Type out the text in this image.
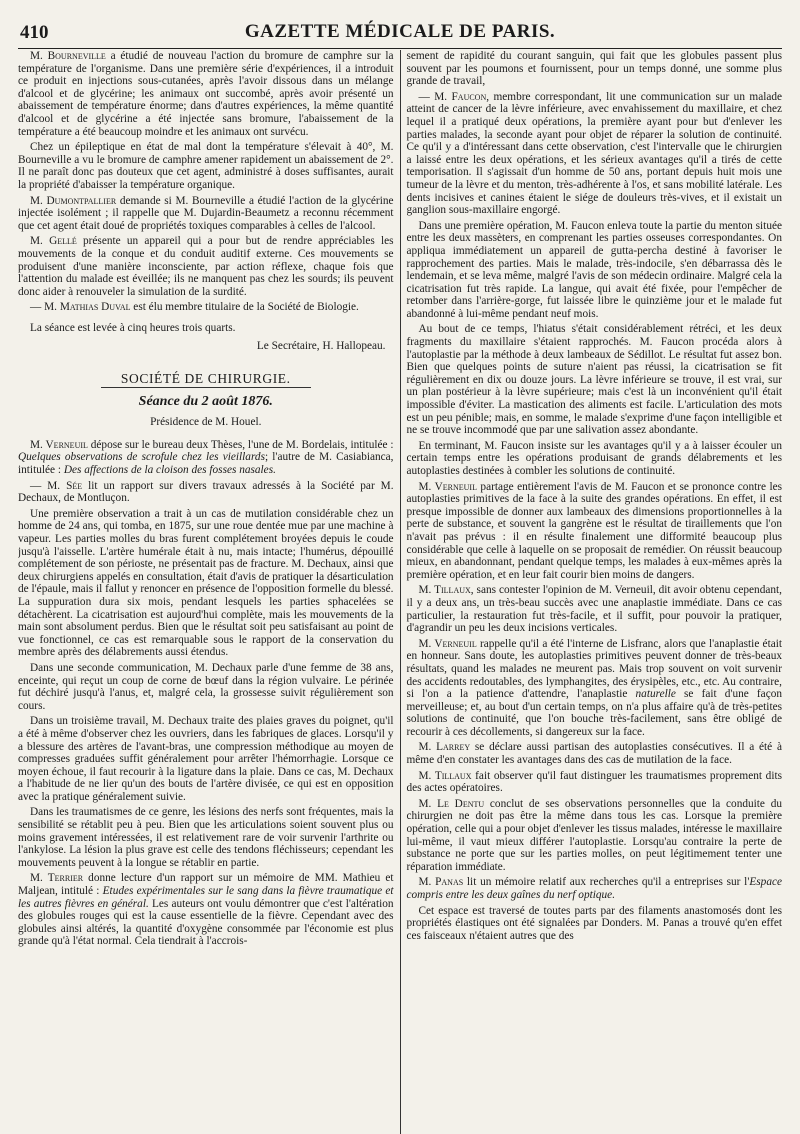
410	GAZETTE MÉDICALE DE PARIS.

M. Bourneville a étudié de nouveau l'action du bromure de camphre sur la température de l'organisme. Dans une première série d'expériences, il a introduit ce produit en injections sous-cutanées, après l'avoir dissous dans un mélange d'alcool et de glycérine; les animaux ont succombé, après avoir présenté un abaissement de température énorme; dans d'autres expériences, la même quantité d'alcool et de glycérine a été injectée sans bromure, l'abaissement de la température a été beaucoup moindre et les animaux ont survécu.

Chez un épileptique en état de mal dont la température s'élevait à 40°, M. Bourneville a vu le bromure de camphre amener rapidement un abaissement de 2°. Il ne paraît donc pas douteux que cet agent, administré à doses suffisantes, aurait la propriété d'abaisser la température organique.

M. Dumontpallier demande si M. Bourneville a étudié l'action de la glycérine injectée isolément ; il rappelle que M. Dujardin-Beaumetz a reconnu récemment que cet agent était doué de propriétés toxiques comparables à celles de l'alcool.

M. Gellé présente un appareil qui a pour but de rendre appréciables les mouvements de la conque et du conduit auditif externe. Ces mouvements se produisent d'une manière inconsciente, par action réflexe, chaque fois que l'attention du malade est éveillée; ils ne manquent pas chez les sourds; ils peuvent donc aider à renouveler la simulation de la surdité.

— M. Mathias Duval est élu membre titulaire de la Société de Biologie.

La séance est levée à cinq heures trois quarts.

Le Secrétaire, H. Hallopeau.

SOCIÉTÉ DE CHIRURGIE.
Séance du 2 août 1876.
Présidence de M. Houel.

M. Verneuil dépose sur le bureau deux Thèses, l'une de M. Bordelais, intitulée : Quelques observations de scrofule chez les vieillards; l'autre de M. Casiabianca, intitulée : Des affections de la cloison des fosses nasales.

— M. Sée lit un rapport sur divers travaux adressés à la Société par M. Dechaux, de Montluçon.

Une première observation a trait à un cas de mutilation considérable chez un homme de 24 ans, qui tomba, en 1875, sur une roue dentée mue par une machine à vapeur. Les parties molles du bras furent complétement broyées depuis le coude jusqu'à l'aisselle. L'artère humérale était à nu, mais intacte; l'humérus, dépouillé complétement de son périoste, ne présentait pas de fracture. M. Dechaux, ainsi que deux chirurgiens appelés en consultation, était d'avis de pratiquer la désarticulation de l'épaule, mais il fallut y renoncer en présence de l'opposition formelle du blessé. La suppuration dura six mois, pendant lesquels les parties sphacelées se détachèrent. La cicatrisation est aujourd'hui complète, mais les mouvements de la main sont absolument perdus. Bien que le résultat soit peu satisfaisant au point de vue fonctionnel, ce cas est remarquable sous le rapport de la conservation du membre après des délabrements aussi étendus.

Dans une seconde communication, M. Dechaux parle d'une femme de 38 ans, enceinte, qui reçut un coup de corne de bœuf dans la région vulvaire. Le périnée fut déchiré jusqu'à l'anus, et, malgré cela, la grossesse suivit régulièrement son cours.

Dans un troisième travail, M. Dechaux traite des plaies graves du poignet, qu'il a été à même d'observer chez les ouvriers, dans les fabriques de glaces. Lorsqu'il y a blessure des artères de l'avant-bras, une compression méthodique au moyen de compresses graduées suffit généralement pour arrêter l'hémorrhagie. Lorsque ce moyen échoue, il faut recourir à la ligature dans la plaie. Dans ce cas, M. Dechaux a l'habitude de ne lier qu'un des bouts de l'artère divisée, ce qui est en opposition avec la pratique généralement suivie.

Dans les traumatismes de ce genre, les lésions des nerfs sont fréquentes, mais la sensibilité se rétablit peu à peu. Bien que les articulations soient souvent plus ou moins gravement intéressées, il est relativement rare de voir survenir l'arthrite ou l'ankylose. La lésion la plus grave est celle des tendons fléchisseurs; cependant les mouvements peuvent à la longue se rétablir en partie.

M. Terrier donne lecture d'un rapport sur un mémoire de MM. Mathieu et Maljean, intitulé : Etudes expérimentales sur le sang dans la fièvre traumatique et les autres fièvres en général. Les auteurs ont voulu démontrer que c'est l'altération des globules rouges qui est la cause essentielle de la fièvre. Cependant avec des globules ainsi altérés, la quantité d'oxygène consommée par l'économie est plus grande qu'à l'état normal. Cela tiendrait à l'accrois-

sement de rapidité du courant sanguin, qui fait que les globules passent plus souvent par les poumons et fournissent, pour un temps donné, une somme plus grande de travail,

— M. Faucon, membre correspondant, lit une communication sur un malade atteint de cancer de la lèvre inférieure, avec envahissement du maxillaire, et chez lequel il a pratiqué deux opérations, la première ayant pour but d'enlever les parties malades, la seconde ayant pour objet de réparer la solution de continuité. Ce qu'il y a d'intéressant dans cette observation, c'est l'intervalle que le chirurgien a laissé entre les deux opérations, et les sérieux avantages qu'il a tirés de cette temporisation. Il s'agissait d'un homme de 50 ans, portant depuis huit mois une tumeur de la lèvre et du menton, très-adhérente à l'os, et sans mobilité latérale. Les dents incisives et canines étaient le siége de douleurs très-vives, et il existait un ganglion sous-maxillaire engorgé.

Dans une première opération, M. Faucon enleva toute la partie du menton située entre les deux massèters, en comprenant les parties osseuses correspondantes. On appliqua immédiatement un appareil de gutta-percha destiné à favoriser le rapprochement des parties. Mais le malade, très-indocile, s'en débarrassa dès le lendemain, et se leva même, malgré l'avis de son médecin ordinaire. Malgré cela la cicatrisation fut très rapide. La langue, qui avait été fixée, pour l'empêcher de retomber dans l'arrière-gorge, fut laissée libre le quinzième jour et le malade fut abandonné à lui-même pendant neuf mois.

Au bout de ce temps, l'hiatus s'était considérablement rétréci, et les deux fragments du maxillaire s'étaient rapprochés. M. Faucon procéda alors à l'autoplastie par la méthode à deux lambeaux de Sédillot. Le résultat fut assez bon. Bien que quelques points de suture n'aient pas réussi, la cicatrisation se fit régulièrement en dix ou douze jours. La lèvre inférieure se trouve, il est vrai, sur un plan postérieur à la lèvre supérieure; mais c'est là un inconvénient qu'il était impossible d'éviter. La mastication des aliments est facile. L'articulation des mots est un peu pénible; mais, en somme, le malade s'exprime d'une façon intelligible et ne se trouve incommodé que par une salivation assez abondante.

En terminant, M. Faucon insiste sur les avantages qu'il y a à laisser écouler un certain temps entre les opérations produisant de grands délabrements et les autoplasties destinées à combler les solutions de continuité.

M. Verneuil partage entièrement l'avis de M. Faucon et se prononce contre les autoplasties primitives de la face à la suite des grandes opérations. En effet, il est presque impossible de donner aux lambeaux des dimensions proportionnelles à la perte de substance, et souvent la gangrène est le résultat de tiraillements que l'on n'avait pas prévus : il en résulte finalement une difformité beaucoup plus considérable que celle à laquelle on se proposait de remédier. On réussit beaucoup mieux, en abandonnant, pendant quelque temps, les malades à eux-mêmes après la première opération, et en leur fait courir bien moins de dangers.

M. Tillaux, sans contester l'opinion de M. Verneuil, dit avoir obtenu cependant, il y a deux ans, un très-beau succès avec une anaplastie immédiate. Dans ce cas particulier, la restauration fut très-facile, et il suffit, pour pouvoir la pratiquer, d'agrandir un peu les deux incisions verticales.

M. Verneuil rappelle qu'il a été l'interne de Lisfranc, alors que l'anaplastie était en honneur. Sans doute, les autoplasties primitives peuvent donner de très-beaux résultats, quand les malades ne meurent pas. Mais trop souvent on voit survenir des accidents redoutables, des lymphangites, des érysipèles, etc., etc. Au contraire, si l'on a la patience d'attendre, l'anaplastie naturelle se fait d'une façon merveilleuse; et, au bout d'un certain temps, on n'a plus affaire qu'à de très-petites solutions de continuité, que l'on bouche très-facilement, sans être obligé de recourir à ces décollements, si dangereux sur la face.

M. Larrey se déclare aussi partisan des autoplasties consécutives. Il a été à même d'en constater les avantages dans des cas de mutilation de la face.

M. Tillaux fait observer qu'il faut distinguer les traumatismes proprement dits des actes opératoires.

M. Le Dentu conclut de ses observations personnelles que la conduite du chirurgien ne doit pas être la même dans tous les cas. Lorsque la première opération, celle qui a pour objet d'enlever les tissus malades, intéresse le maxillaire lui-même, il vaut mieux différer l'autoplastie. Lorsqu'au contraire la perte de substance ne porte que sur les parties molles, on peut légitimement tenter une réparation immédiate.

M. Panas lit un mémoire relatif aux recherches qu'il a entreprises sur l'Espace compris entre les deux gaînes du nerf optique.

Cet espace est traversé de toutes parts par des filaments anastomosés dont les propriétés élastiques ont été signalées par Donders. M. Panas a trouvé qu'en effet ces faisceaux n'étaient autres que des
